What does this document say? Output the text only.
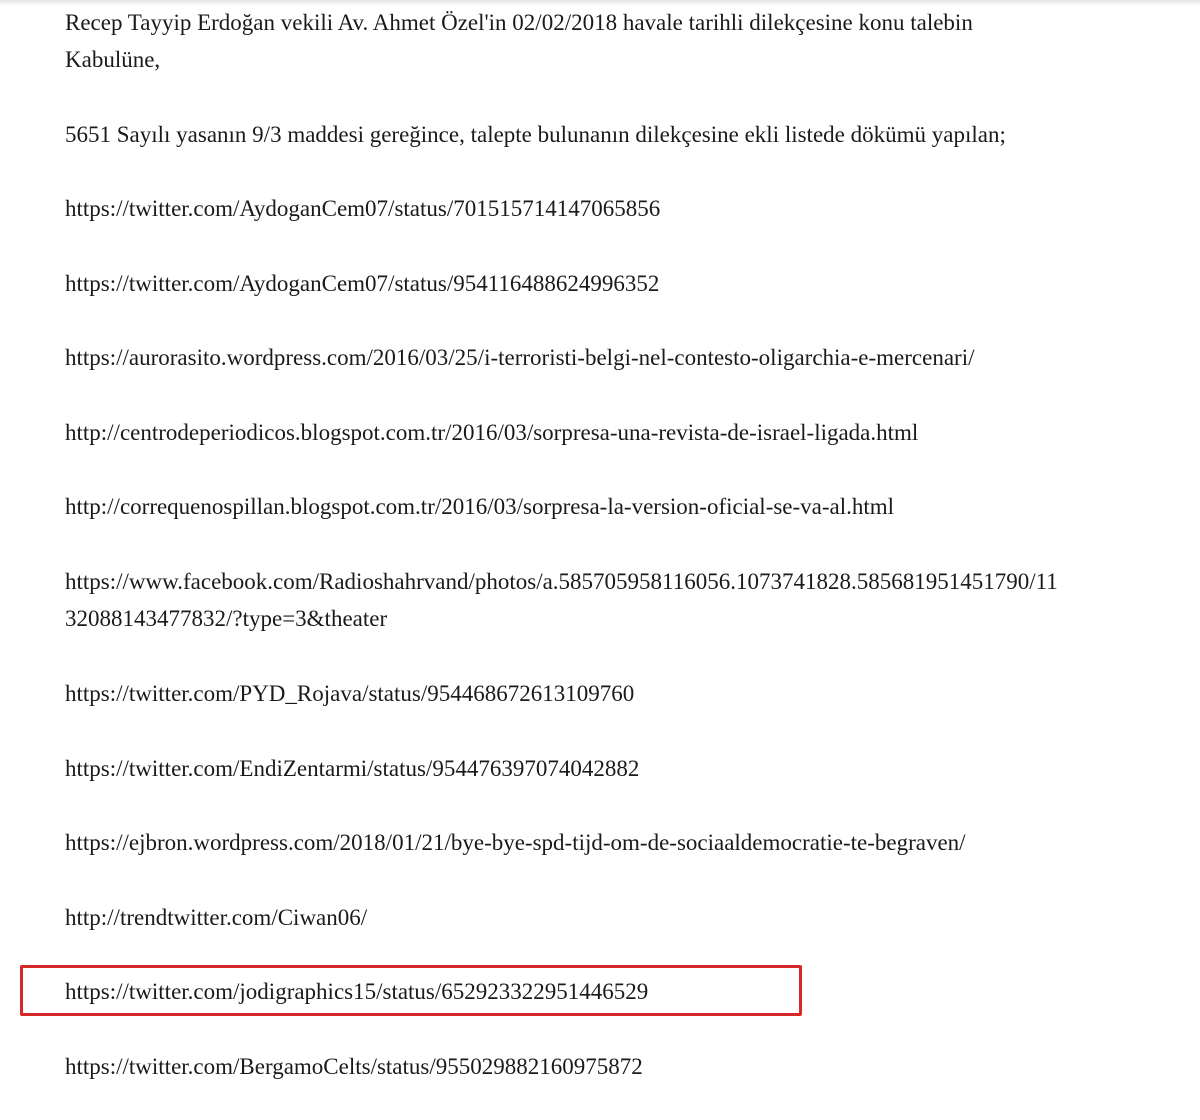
Recep Tayyip Erdoğan vekili Av. Ahmet Özel'in 02/02/2018 havale tarihli dilekçesine konu talebin
Kabulüne,
5651 Sayılı yasanın 9/3 maddesi gereğince, talepte bulunanın dilekçesine ekli listede dökümü yapılan;
https://twitter.com/AydoganCem07/status/701515714147065856
https://twitter.com/AydoganCem07/status/954116488624996352
https://aurorasito.wordpress.com/2016/03/25/i-terroristi-belgi-nel-contesto-oligarchia-e-mercenari/
http://centrodeperiodicos.blogspot.com.tr/2016/03/sorpresa-una-revista-de-israel-ligada.html
http://correquenospillan.blogspot.com.tr/2016/03/sorpresa-la-version-oficial-se-va-al.html
https://www.facebook.com/Radioshahrvand/photos/a.585705958116056.1073741828.585681951451790/11
32088143477832/?type=3&theater
https://twitter.com/PYD_Rojava/status/954468672613109760
https://twitter.com/EndiZentarmi/status/954476397074042882
https://ejbron.wordpress.com/2018/01/21/bye-bye-spd-tijd-om-de-sociaaldemocratie-te-begraven/
http://trendtwitter.com/Ciwan06/
https://twitter.com/jodigraphics15/status/652923322951446529
https://twitter.com/BergamoCelts/status/955029882160975872
